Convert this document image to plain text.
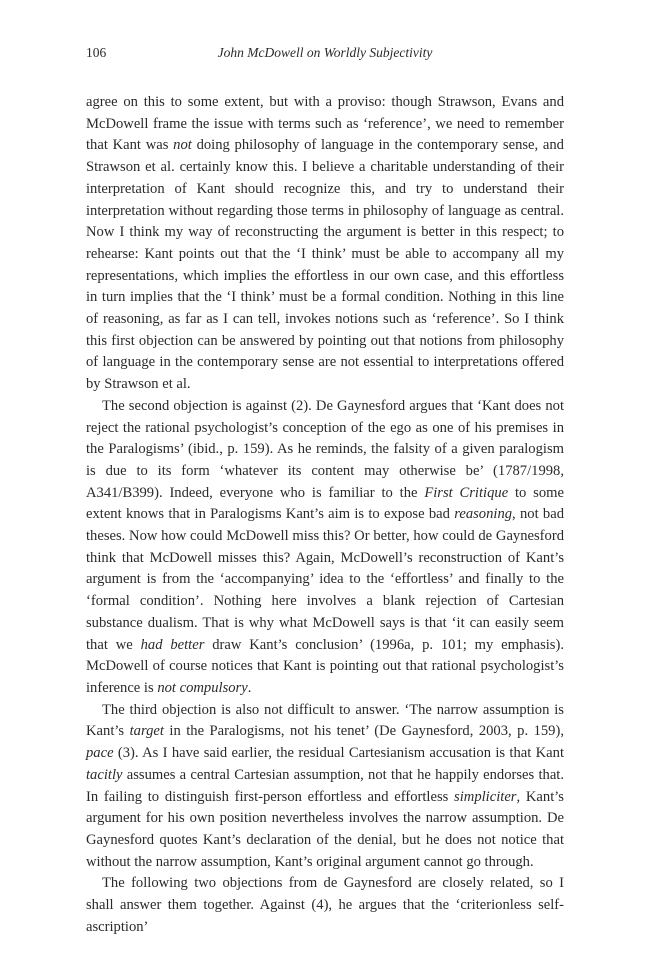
106	John McDowell on Worldly Subjectivity

agree on this to some extent, but with a proviso: though Strawson, Evans and McDowell frame the issue with terms such as ‘reference’, we need to remember that Kant was not doing philosophy of language in the contemporary sense, and Strawson et al. certainly know this. I believe a charitable understanding of their interpretation of Kant should recognize this, and try to understand their interpretation without regarding those terms in philosophy of language as central. Now I think my way of reconstructing the argument is better in this respect; to rehearse: Kant points out that the ‘I think’ must be able to accompany all my representations, which implies the effortless in our own case, and this effortless in turn implies that the ‘I think’ must be a formal condition. Nothing in this line of reasoning, as far as I can tell, invokes notions such as ‘reference’. So I think this first objection can be answered by pointing out that notions from philosophy of language in the contemporary sense are not essential to interpretations offered by Strawson et al.

The second objection is against (2). De Gaynesford argues that ‘Kant does not reject the rational psychologist’s conception of the ego as one of his premises in the Paralogisms’ (ibid., p. 159). As he reminds, the falsity of a given paralogism is due to its form ‘whatever its content may otherwise be’ (1787/1998, A341/B399). Indeed, everyone who is familiar to the First Critique to some extent knows that in Paralogisms Kant’s aim is to expose bad reasoning, not bad theses. Now how could McDowell miss this? Or better, how could de Gaynesford think that McDowell misses this? Again, McDowell’s reconstruction of Kant’s argument is from the ‘accompanying’ idea to the ‘effortless’ and finally to the ‘formal condition’. Nothing here involves a blank rejection of Cartesian substance dualism. That is why what McDowell says is that ‘it can easily seem that we had better draw Kant’s conclusion’ (1996a, p. 101; my emphasis). McDowell of course notices that Kant is pointing out that rational psychologist’s inference is not compulsory.

The third objection is also not difficult to answer. ‘The narrow assumption is Kant’s target in the Paralogisms, not his tenet’ (De Gaynesford, 2003, p. 159), pace (3). As I have said earlier, the residual Cartesianism accusation is that Kant tacitly assumes a central Cartesian assumption, not that he happily endorses that. In failing to distinguish first-person effortless and effortless simpliciter, Kant’s argument for his own position nevertheless involves the narrow assumption. De Gaynesford quotes Kant’s declaration of the denial, but he does not notice that without the narrow assumption, Kant’s original argument cannot go through.

The following two objections from de Gaynesford are closely related, so I shall answer them together. Against (4), he argues that the ‘criterionless self-ascription’
